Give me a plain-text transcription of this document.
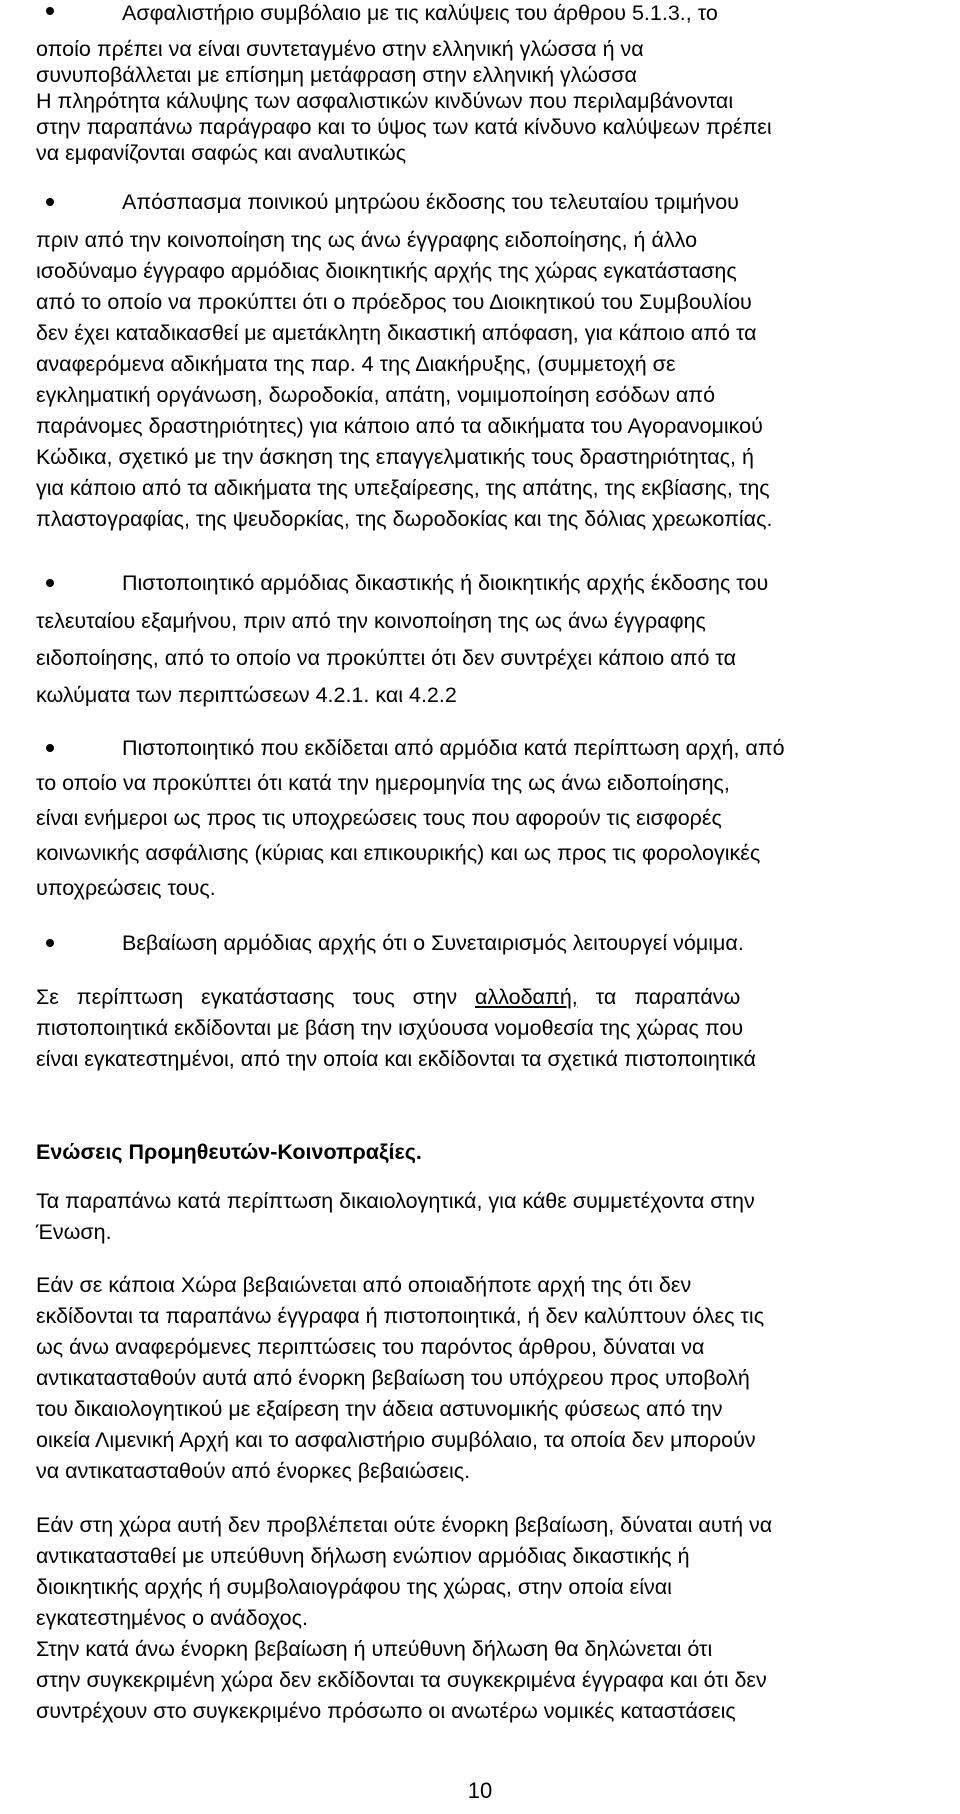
Ασφαλιστήριο συμβόλαιο με τις καλύψεις του άρθρου 5.1.3., το
οποίο πρέπει να είναι συντεταγμένο στην ελληνική γλώσσα ή να
συνυποβάλλεται με επίσημη μετάφραση στην ελληνική γλώσσα
Η πληρότητα κάλυψης των ασφαλιστικών κινδύνων που περιλαμβάνονται
στην παραπάνω παράγραφο και το ύψος των κατά κίνδυνο καλύψεων πρέπει
να εμφανίζονται σαφώς και αναλυτικώς
Απόσπασμα ποινικού μητρώου έκδοσης του τελευταίου τριμήνου
πριν από την κοινοποίηση της ως άνω έγγραφης ειδοποίησης, ή άλλο
ισοδύναμο έγγραφο αρμόδιας διοικητικής αρχής της χώρας εγκατάστασης
από το οποίο να προκύπτει ότι ο πρόεδρος του Διοικητικού του Συμβουλίου
δεν έχει καταδικασθεί με αμετάκλητη δικαστική απόφαση, για κάποιο από τα
αναφερόμενα αδικήματα της παρ. 4 της Διακήρυξης, (συμμετοχή σε
εγκληματική οργάνωση, δωροδοκία, απάτη, νομιμοποίηση εσόδων από
παράνομες δραστηριότητες) για κάποιο από τα αδικήματα του Αγορανομικού
Κώδικα, σχετικό με την άσκηση της επαγγελματικής τους δραστηριότητας, ή
για κάποιο από τα αδικήματα της υπεξαίρεσης, της απάτης, της εκβίασης, της
πλαστογραφίας, της ψευδορκίας, της δωροδοκίας και της δόλιας χρεωκοπίας.
Πιστοποιητικό αρμόδιας δικαστικής ή διοικητικής αρχής έκδοσης του
τελευταίου εξαμήνου, πριν από την κοινοποίηση της ως άνω έγγραφης
ειδοποίησης, από το οποίο να προκύπτει ότι δεν συντρέχει κάποιο από τα
κωλύματα των περιπτώσεων 4.2.1. και 4.2.2
Πιστοποιητικό που εκδίδεται από αρμόδια κατά περίπτωση αρχή, από
το οποίο να προκύπτει ότι κατά την ημερομηνία της ως άνω ειδοποίησης,
είναι ενήμεροι ως προς τις υποχρεώσεις τους που αφορούν τις εισφορές
κοινωνικής ασφάλισης (κύριας και επικουρικής) και ως προς τις φορολογικές
υποχρεώσεις τους.
Βεβαίωση αρμόδιας αρχής ότι ο Συνεταιρισμός λειτουργεί νόμιμα.
Σε   περίπτωση   εγκατάστασης   τους   στην   αλλοδαπή,   τα   παραπάνω
πιστοποιητικά εκδίδονται με βάση την ισχύουσα νομοθεσία της χώρας που
είναι εγκατεστημένοι, από την οποία και εκδίδονται τα σχετικά πιστοποιητικά
Ενώσεις Προμηθευτών-Κοινοπραξίες.
Τα παραπάνω κατά περίπτωση δικαιολογητικά, για κάθε συμμετέχοντα στην
Ένωση.
Εάν σε κάποια Χώρα βεβαιώνεται από οποιαδήποτε αρχή της ότι δεν
εκδίδονται τα παραπάνω έγγραφα ή πιστοποιητικά, ή δεν καλύπτουν όλες τις
ως άνω αναφερόμενες περιπτώσεις του παρόντος άρθρου, δύναται να
αντικατασταθούν αυτά από ένορκη βεβαίωση του υπόχρεου προς υποβολή
του δικαιολογητικού με εξαίρεση την άδεια αστυνομικής φύσεως από την
οικεία Λιμενική Αρχή και το ασφαλιστήριο συμβόλαιο, τα οποία δεν μπορούν
να αντικατασταθούν από ένορκες βεβαιώσεις.
Εάν στη χώρα αυτή δεν προβλέπεται ούτε ένορκη βεβαίωση, δύναται αυτή να
αντικατασταθεί με υπεύθυνη δήλωση ενώπιον αρμόδιας δικαστικής ή
διοικητικής αρχής ή συμβολαιογράφου της χώρας, στην οποία είναι
εγκατεστημένος ο ανάδοχος.
Στην κατά άνω ένορκη βεβαίωση ή υπεύθυνη δήλωση θα δηλώνεται ότι
στην συγκεκριμένη χώρα δεν εκδίδονται τα συγκεκριμένα έγγραφα και ότι δεν
συντρέχουν στο συγκεκριμένο πρόσωπο οι ανωτέρω νομικές καταστάσεις
10
